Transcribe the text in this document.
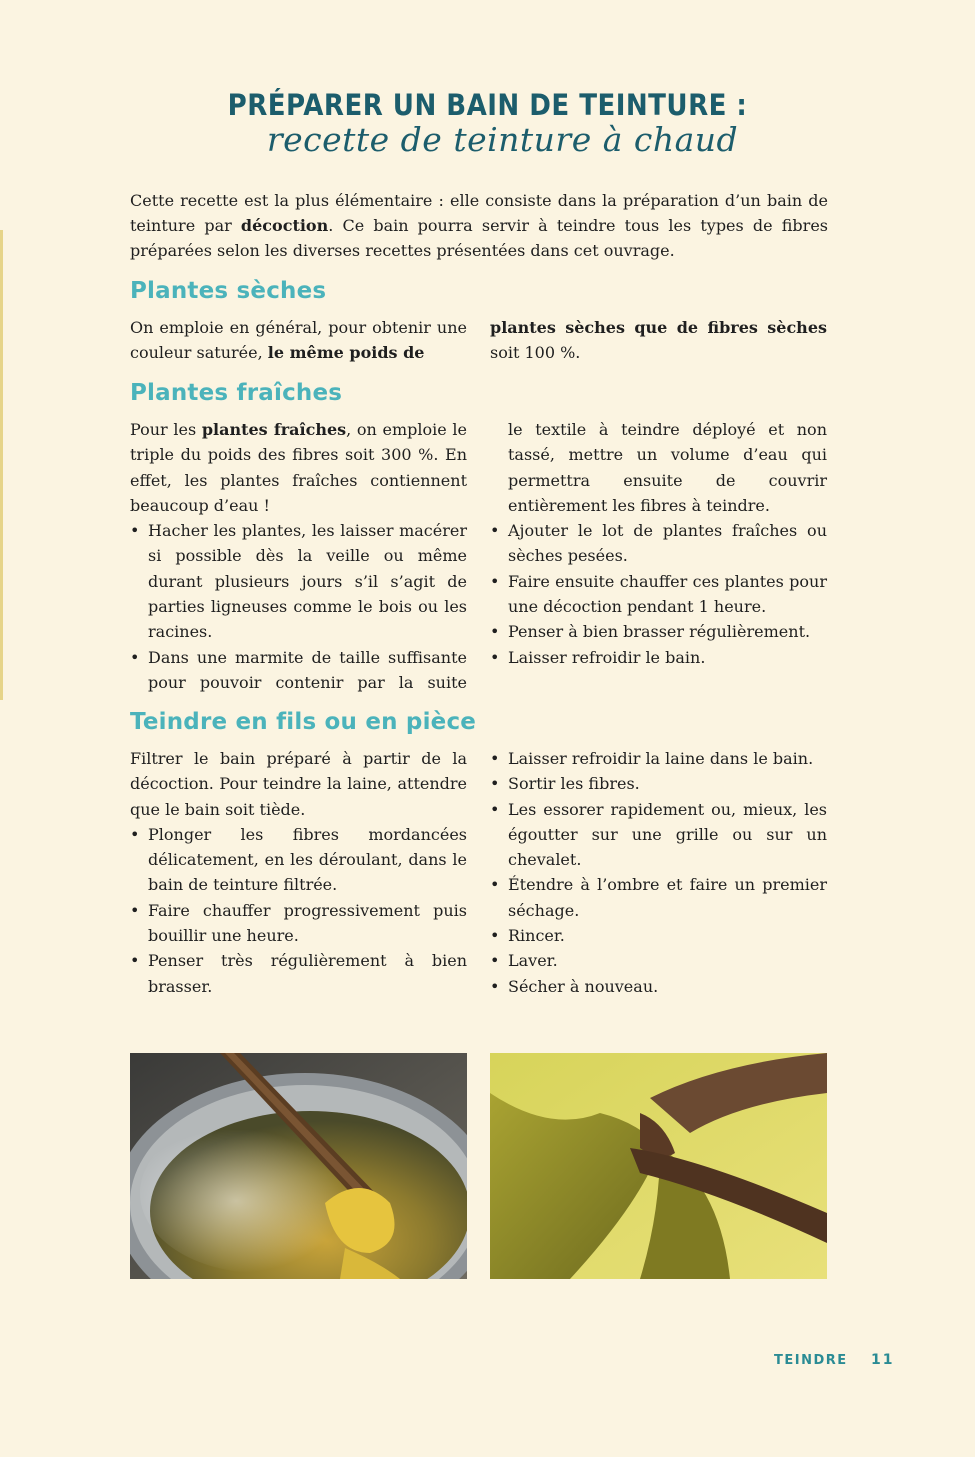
PRÉPARER UN BAIN DE TEINTURE :
recette de teinture à chaud
Cette recette est la plus élémentaire : elle consiste dans la préparation d’un bain de teinture par décoction. Ce bain pourra servir à teindre tous les types de fibres préparées selon les diverses recettes présentées dans cet ouvrage.
Plantes sèches

On emploie en général, pour obtenir une couleur saturée, le même poids de

plantes sèches que de fibres sèches soit 100 %.

Plantes fraîches

Pour les plantes fraîches, on emploie le triple du poids des fibres soit 300 %. En effet, les plantes fraîches contiennent beaucoup d’eau !

• Hacher les plantes, les laisser macérer si possible dès la veille ou même durant plusieurs jours s’il s’agit de parties ligneuses comme le bois ou les racines.
• Dans une marmite de taille suffisante pour pouvoir contenir par la suite
le textile à teindre déployé et non tassé, mettre un volume d’eau qui permettra ensuite de couvrir entièrement les fibres à teindre.
• Ajouter le lot de plantes fraîches ou sèches pesées.
• Faire ensuite chauffer ces plantes pour une décoction pendant 1 heure.
• Penser à bien brasser régulièrement.
• Laisser refroidir le bain.
Teindre en fils ou en pièce

Filtrer le bain préparé à partir de la décoction. Pour teindre la laine, attendre que le bain soit tiède.

• Plonger les fibres mordancées délicatement, en les déroulant, dans le bain de teinture filtrée.
• Faire chauffer progressivement puis bouillir une heure.
• Penser très régulièrement à bien brasser.
• Laisser refroidir la laine dans le bain.
• Sortir les fibres.
• Les essorer rapidement ou, mieux, les égoutter sur une grille ou sur un chevalet.
• Étendre à l’ombre et faire un premier séchage.
• Rincer.
• Laver.
• Sécher à nouveau.
TEINDRE 11
